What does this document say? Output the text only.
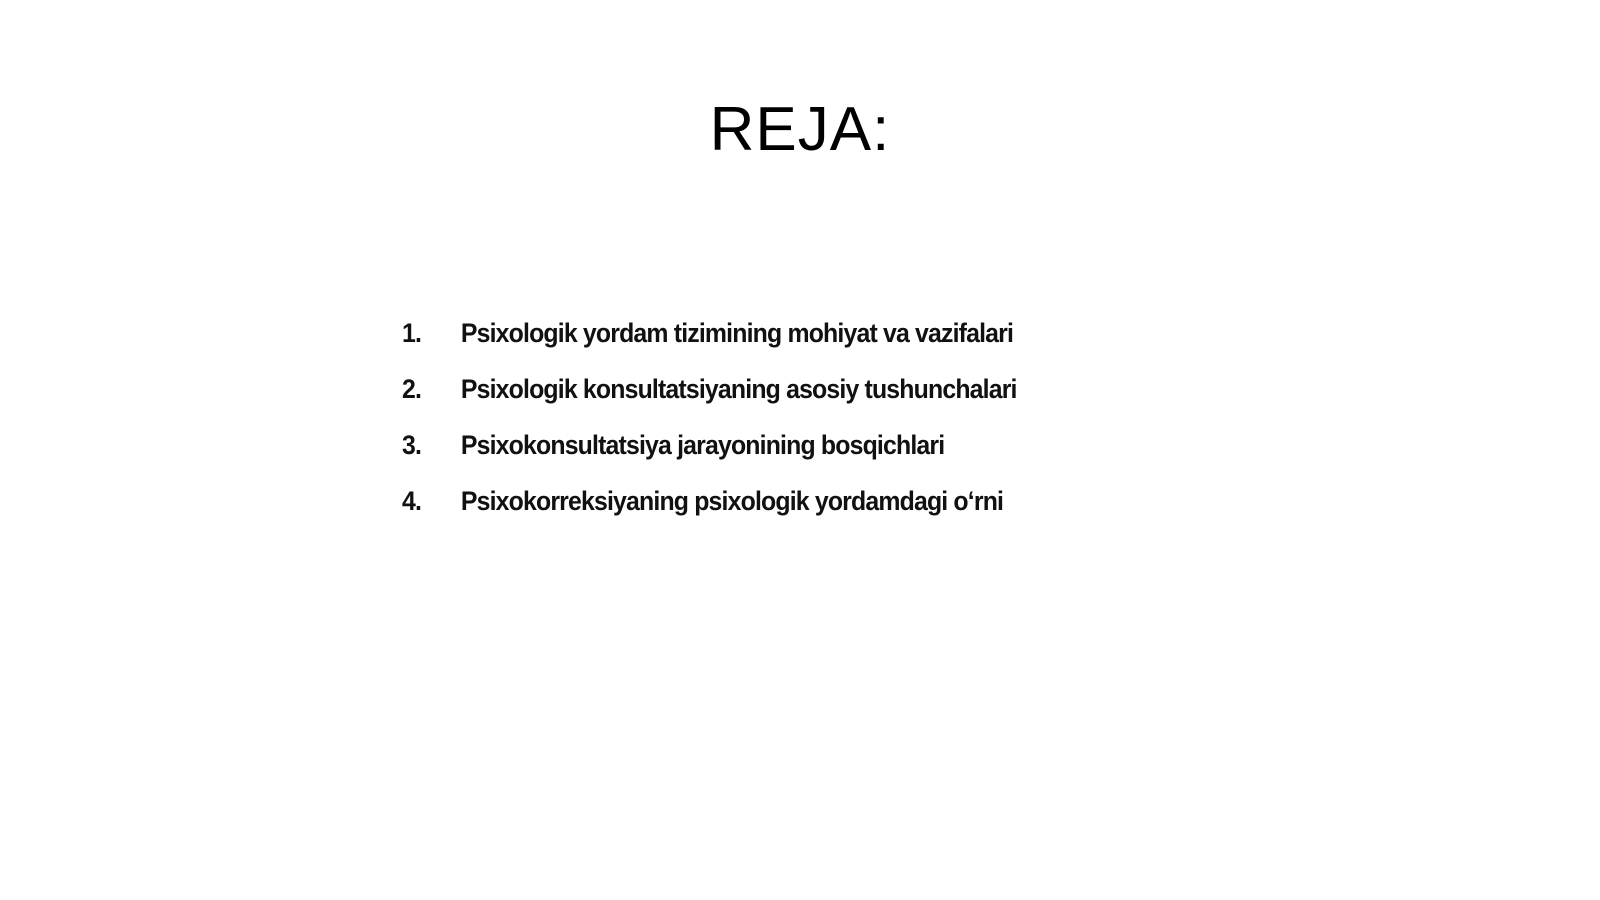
REJA:
1.	Psixologik yordam tizimining mohiyat va vazifalari
2.	Psixologik konsultatsiyaning asosiy tushunchalari
3.	Psixokonsultatsiya jarayonining bosqichlari
4.	Psixokorreksiyaning psixologik yordamdagi oʻrni
